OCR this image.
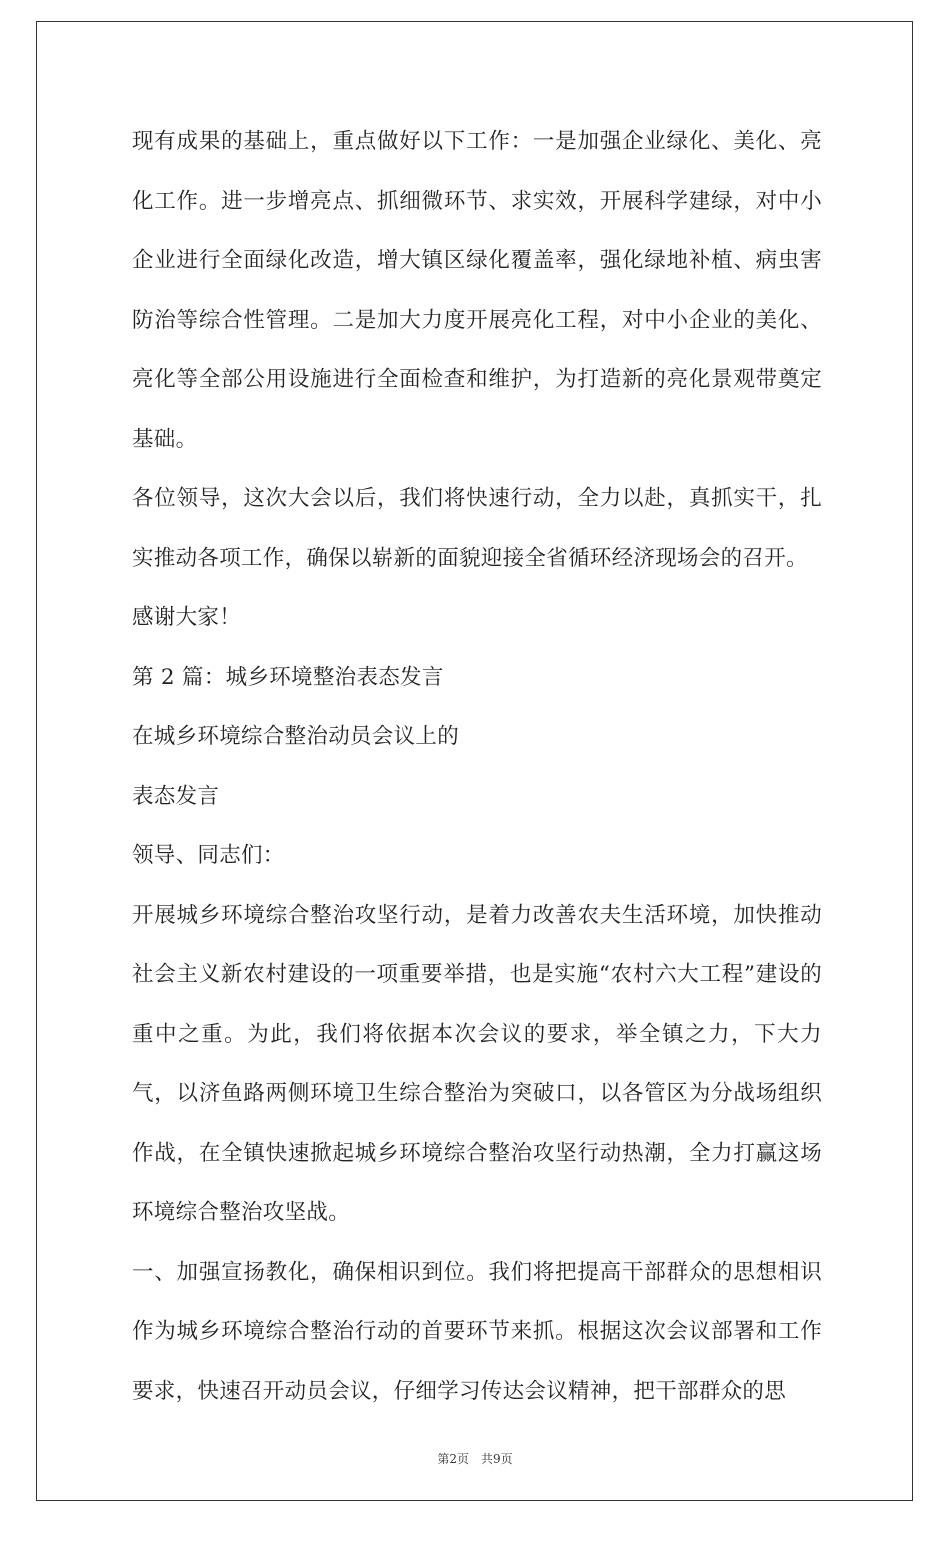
现有成果的基础上，重点做好以下工作：一是加强企业绿化、美化、亮化工作。进一步增亮点、抓细微环节、求实效，开展科学建绿，对中小企业进行全面绿化改造，增大镇区绿化覆盖率，强化绿地补植、病虫害防治等综合性管理。二是加大力度开展亮化工程，对中小企业的美化、亮化等全部公用设施进行全面检查和维护，为打造新的亮化景观带奠定基础。

各位领导，这次大会以后，我们将快速行动，全力以赴，真抓实干，扎实推动各项工作，确保以崭新的面貌迎接全省循环经济现场会的召开。

感谢大家！

第 2 篇：城乡环境整治表态发言

在城乡环境综合整治动员会议上的

表态发言

领导、同志们：

开展城乡环境综合整治攻坚行动，是着力改善农夫生活环境，加快推动社会主义新农村建设的一项重要举措，也是实施“农村六大工程”建设的重中之重。为此，我们将依据本次会议的要求，举全镇之力，下大力气，以济鱼路两侧环境卫生综合整治为突破口，以各管区为分战场组织作战，在全镇快速掀起城乡环境综合整治攻坚行动热潮，全力打赢这场环境综合整治攻坚战。

一、加强宣扬教化，确保相识到位。我们将把提高干部群众的思想相识作为城乡环境综合整治行动的首要环节来抓。根据这次会议部署和工作要求，快速召开动员会议，仔细学习传达会议精神，把干部群众的思

第2页　共9页
